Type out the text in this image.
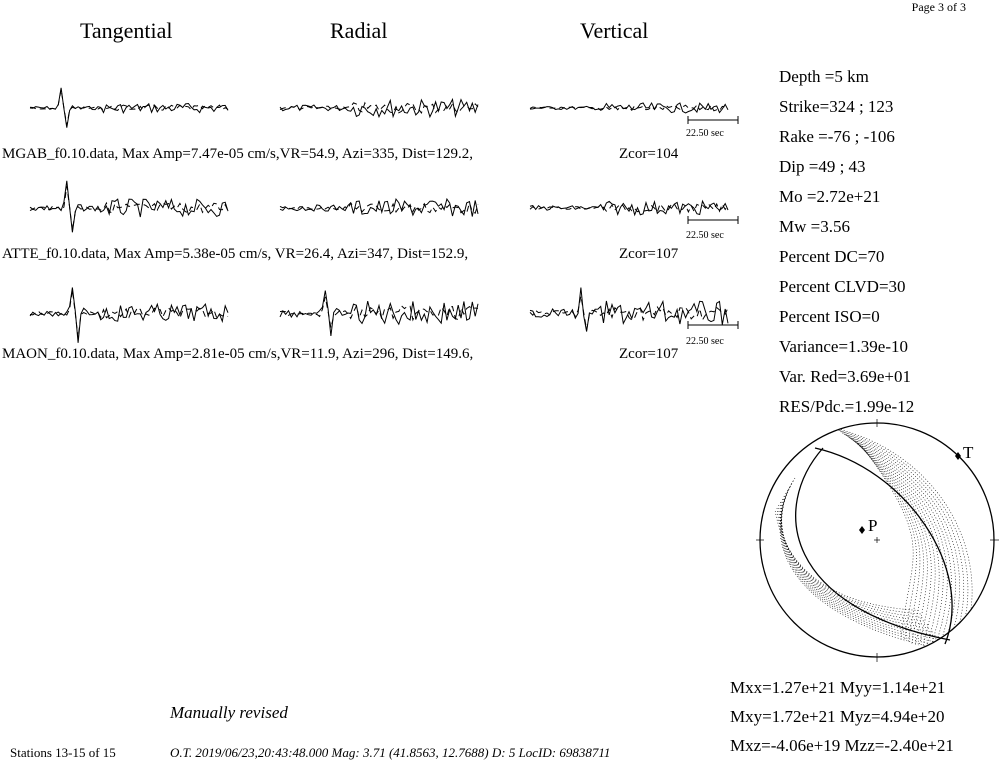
Page 3 of 3
Tangential	Radial	Vertical
22.50 sec
22.50 sec
22.50 sec
MGAB_f0.10.data, Max Amp=7.47e-05 cm/s,VR=54.9, Azi=335, Dist=129.2,	Zcor=104
ATTE_f0.10.data, Max Amp=5.38e-05 cm/s, VR=26.4, Azi=347, Dist=152.9,	Zcor=107
MAON_f0.10.data, Max Amp=2.81e-05 cm/s,VR=11.9, Azi=296, Dist=149.6,	Zcor=107
Depth =5 km
Strike=324 ; 123
Rake =-76 ; -106
Dip =49 ; 43
Mo =2.72e+21
Mw =3.56
Percent DC=70
Percent CLVD=30
Percent ISO=0
Variance=1.39e-10
Var. Red=3.69e+01
RES/Pdc.=1.99e-12
P
T
Mxx=1.27e+21 Myy=1.14e+21
Mxy=1.72e+21 Myz=4.94e+20
Mxz=-4.06e+19 Mzz=-2.40e+21
Manually revised
Stations 13-15 of 15	O.T. 2019/06/23,20:43:48.000 Mag: 3.71 (41.8563, 12.7688) D: 5 LocID: 69838711
